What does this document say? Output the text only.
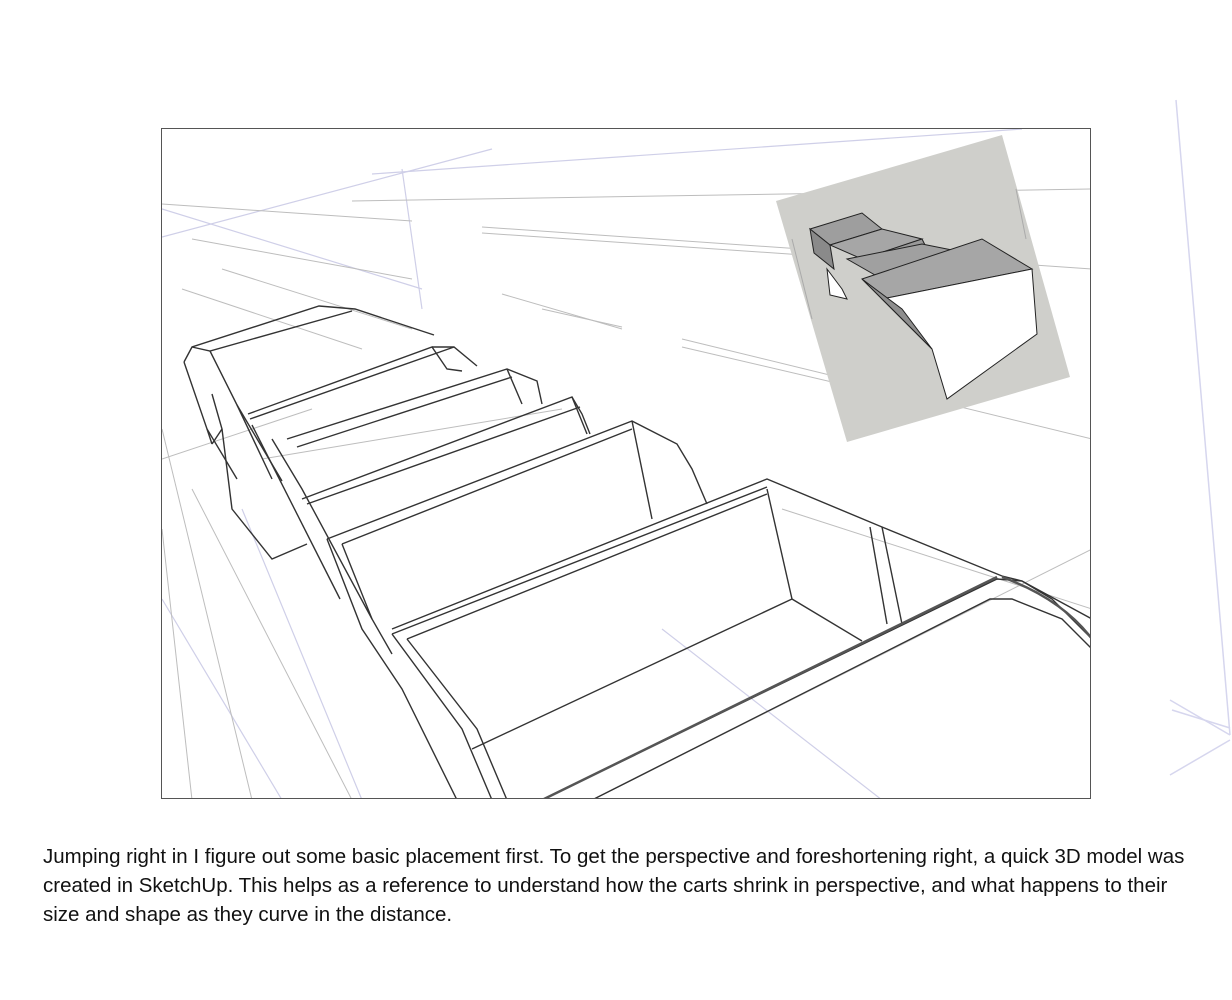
Jumping right in I figure out some basic placement first. To get the perspective and foreshortening right, a quick 3D model was created in SketchUp. This helps as a reference to understand how the carts shrink in perspective, and what happens to their size and shape as they curve in the distance.
